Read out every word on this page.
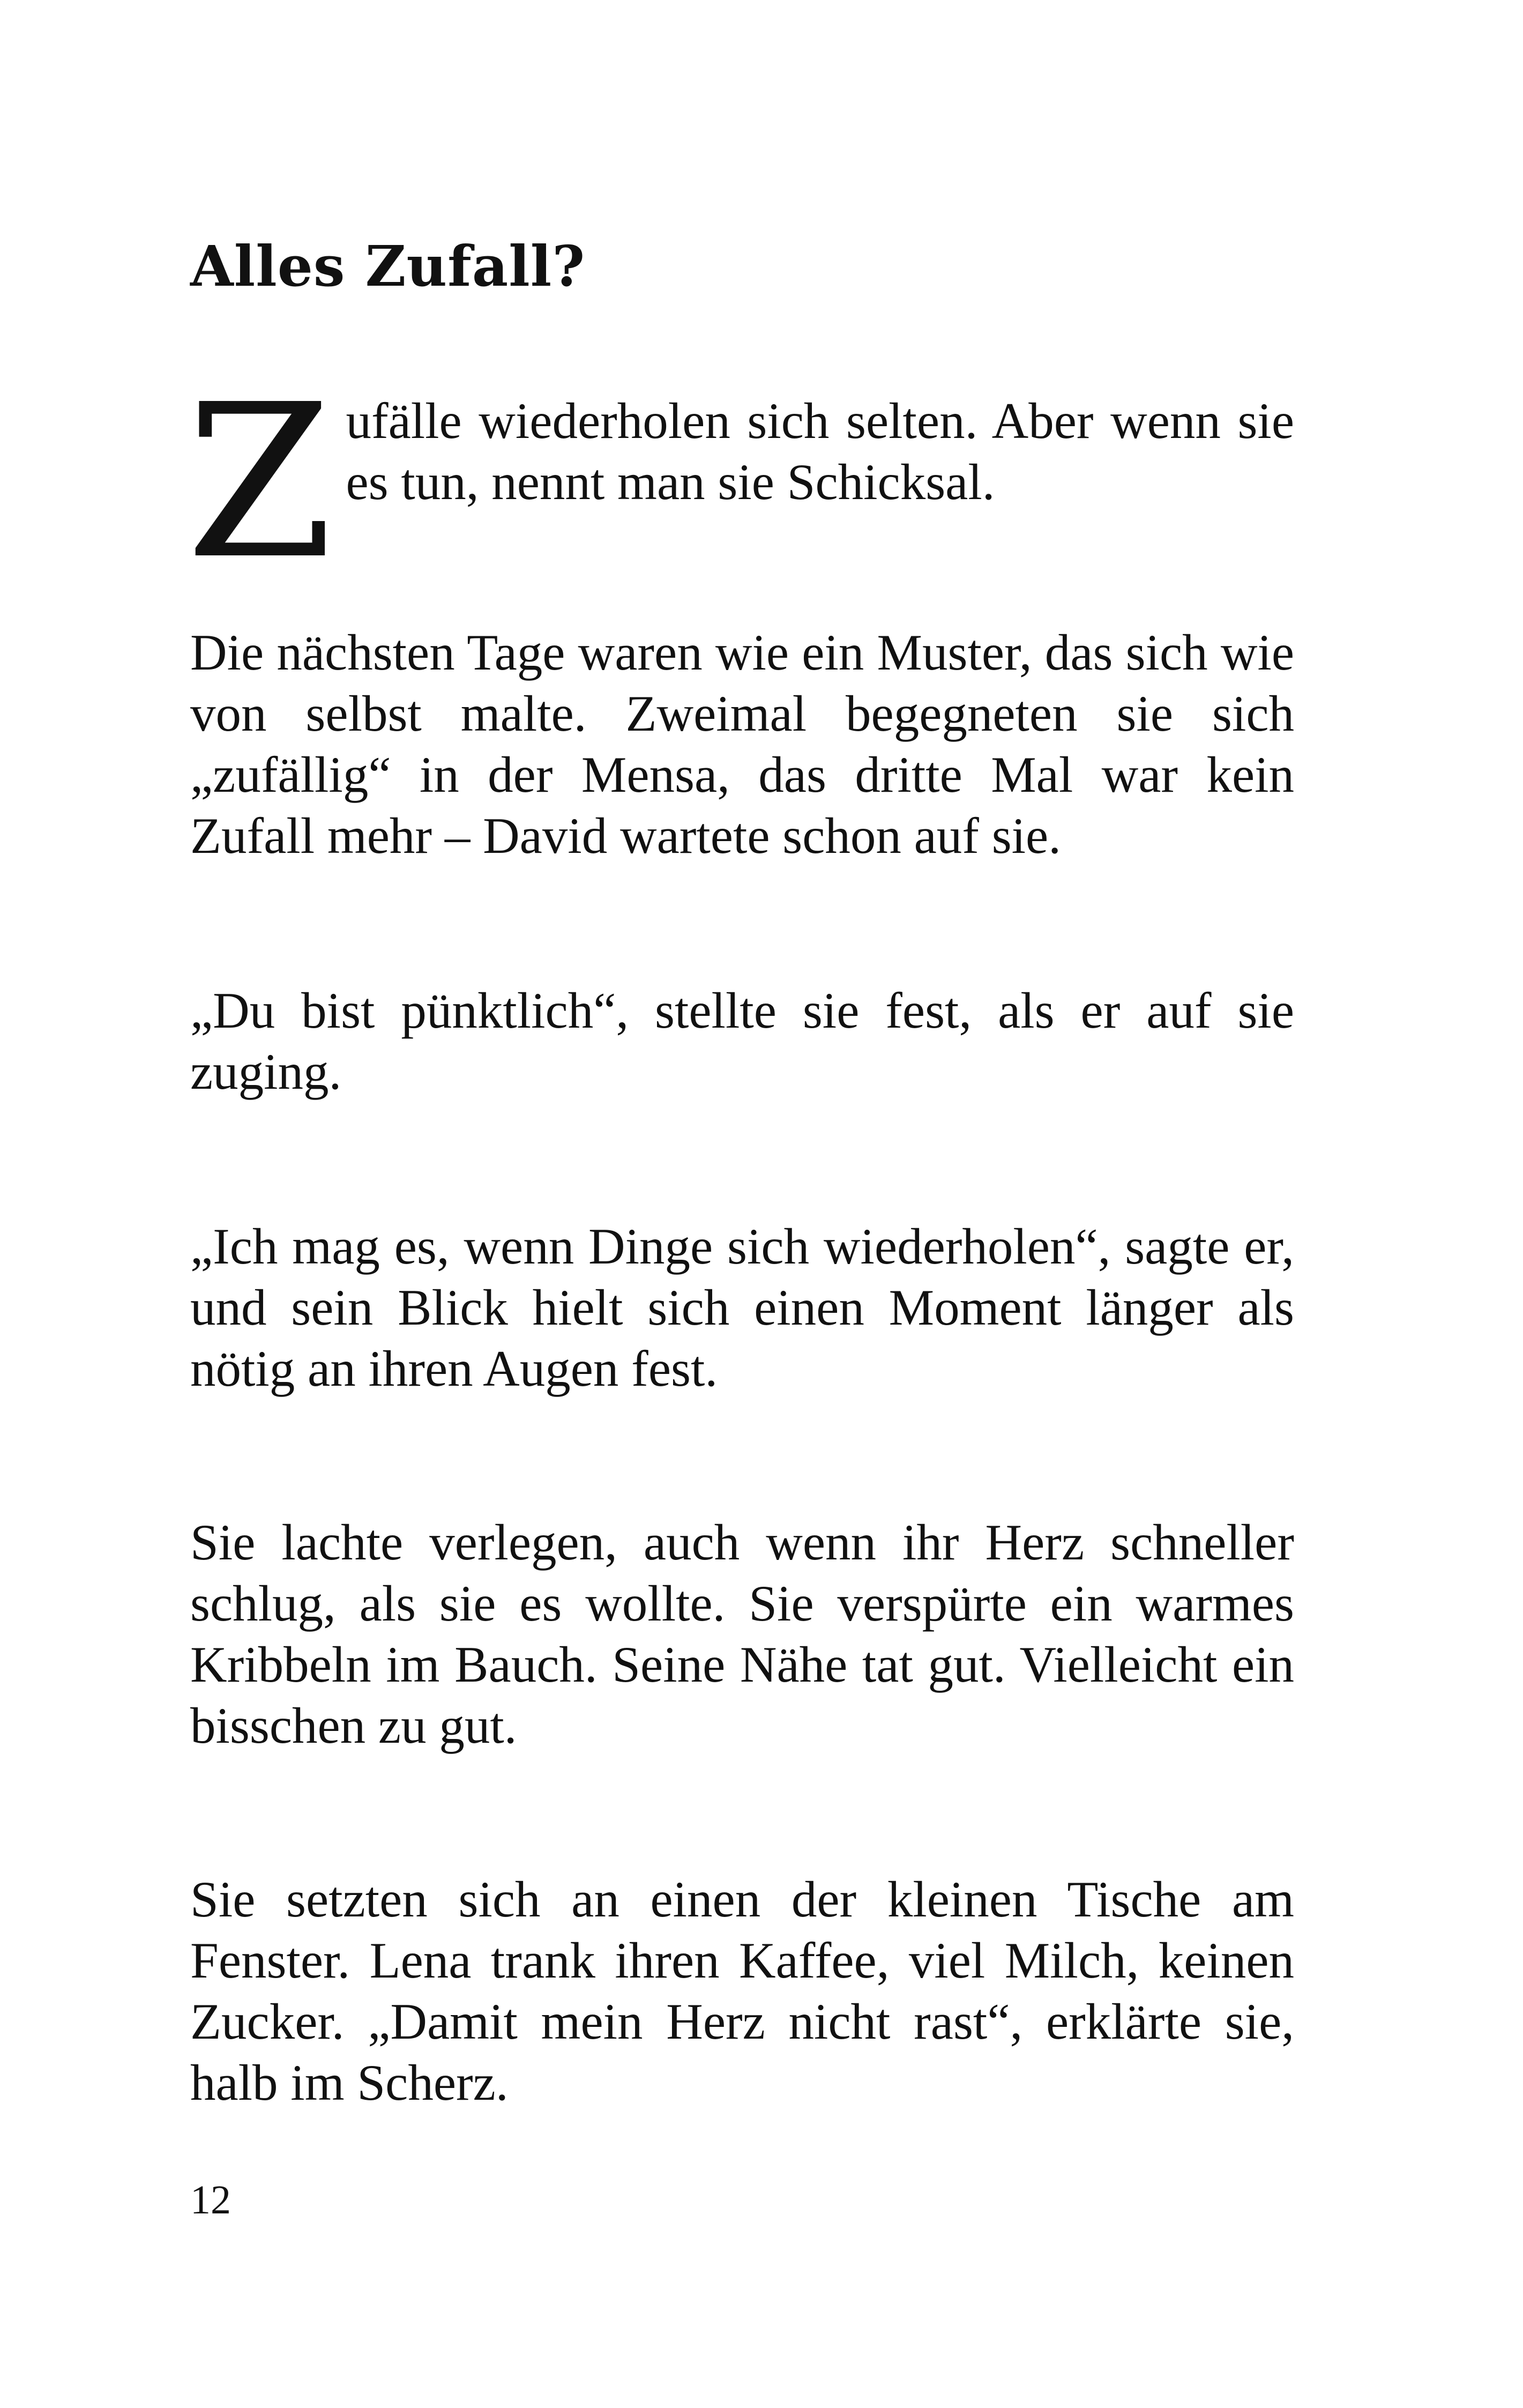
Alles Zufall?
Z ufälle wiederholen sich selten. Aber wenn sie es tun, nennt man sie Schicksal.

Die nächsten Tage waren wie ein Muster, das sich wie von selbst malte. Zweimal begegneten sie sich „zufällig“ in der Mensa, das dritte Mal war kein Zufall mehr – David wartete schon auf sie.

„Du bist pünktlich“, stellte sie fest, als er auf sie zuging.

„Ich mag es, wenn Dinge sich wiederholen“, sagte er, und sein Blick hielt sich einen Moment länger als nötig an ihren Augen fest.

Sie lachte verlegen, auch wenn ihr Herz schneller schlug, als sie es wollte. Sie verspürte ein warmes Kribbeln im Bauch. Seine Nähe tat gut. Vielleicht ein bisschen zu gut.

Sie setzten sich an einen der kleinen Tische am Fenster. Lena trank ihren Kaffee, viel Milch, keinen Zucker. „Damit mein Herz nicht rast“, erklärte sie, halb im Scherz.

12
